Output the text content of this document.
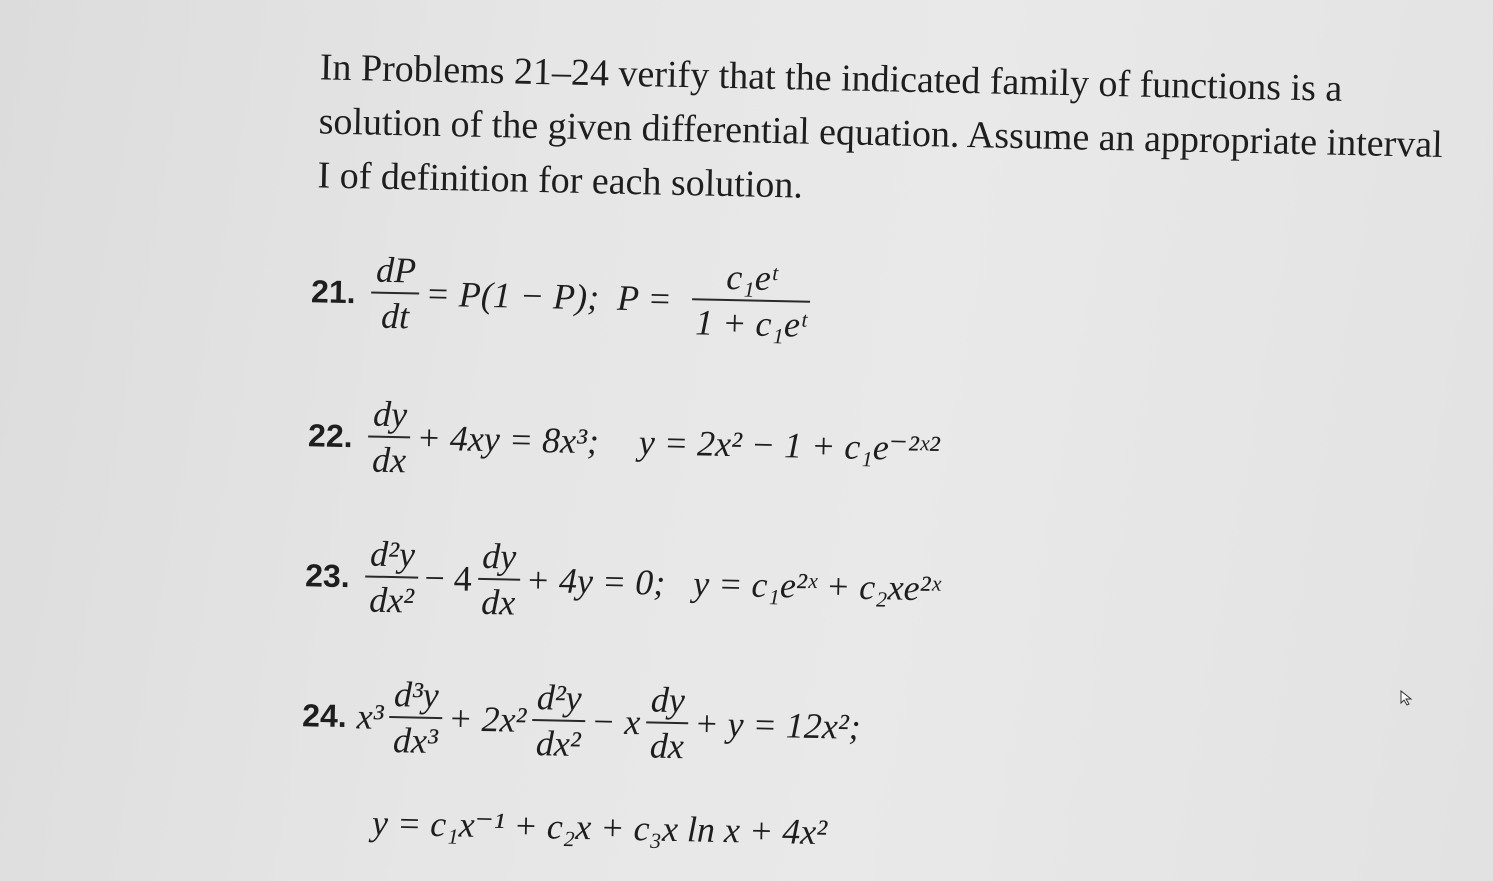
In Problems 21–24 verify that the indicated family of functions is a solution of the given differential equation. Assume an appropriate interval I of definition for each solution.
21. $\frac{dP}{dt} = P(1 - P)$; P =
c₁eᵗ
1 + c₁eᵗ
22. $\frac{dy}{dx} + 4xy = 8x^3$; y = 2x² − 1 + c₁e⁻²ˣ²
23. $\frac{\text{d²y}}{\text{dx²}} - 4 \frac{dy}{dx} + 4y = 0$; y = c₁e²ˣ + c₂xe²ˣ
24. $x^3 \frac{\text{d³y}}{\text{dx³}} + 2x^2 \frac{\text{d²y}}{\text{dx²}} - x \frac{dy}{dx} + y = 12x^2$;
y = c₁x⁻¹ + c₂x + c₃x ln x + 4x²
